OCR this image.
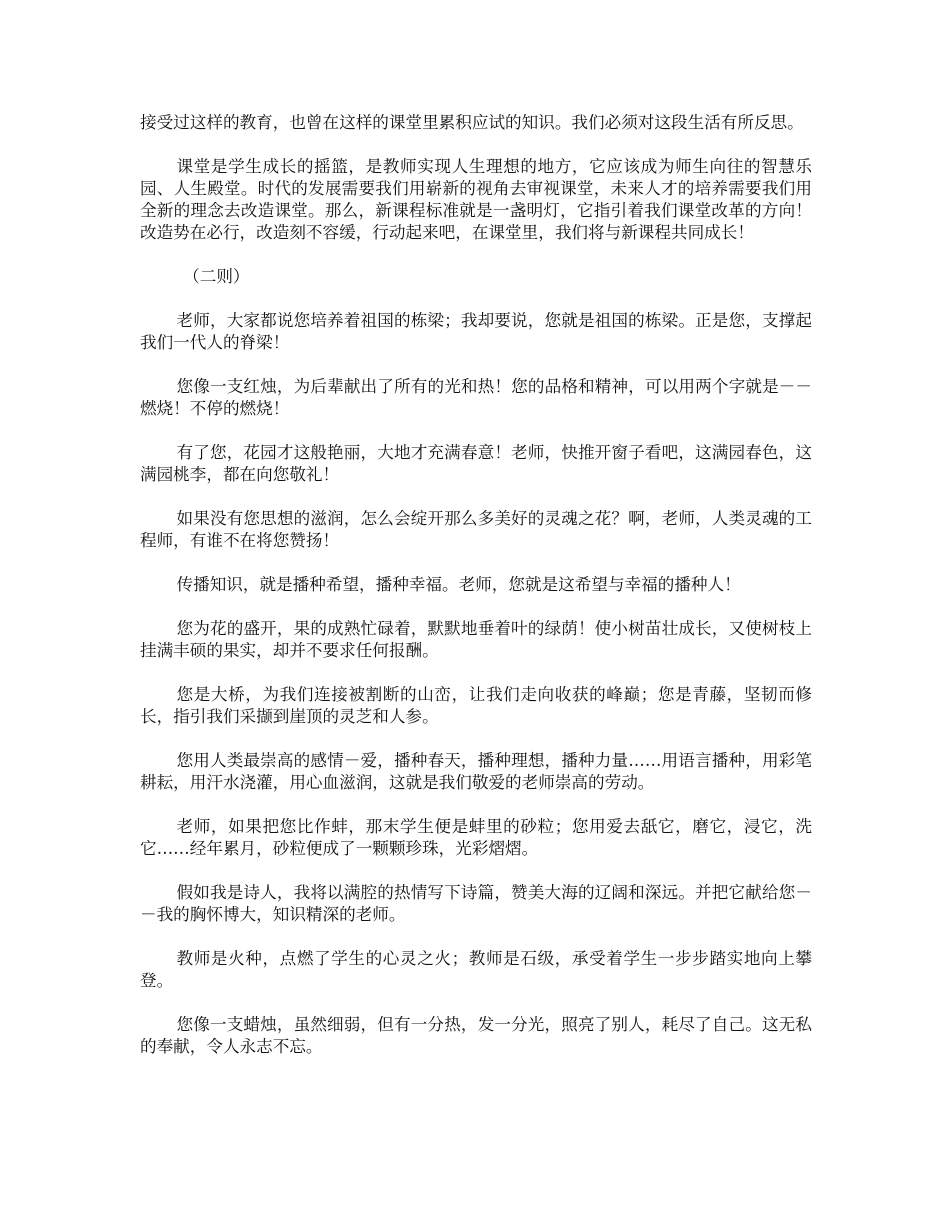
接受过这样的教育，也曾在这样的课堂里累积应试的知识。我们必须对这段生活有所反思。

课堂是学生成长的摇篮，是教师实现人生理想的地方，它应该成为师生向往的智慧乐园、人生殿堂。时代的发展需要我们用崭新的视角去审视课堂，未来人才的培养需要我们用全新的理念去改造课堂。那么，新课程标准就是一盏明灯，它指引着我们课堂改革的方向！改造势在必行，改造刻不容缓，行动起来吧，在课堂里，我们将与新课程共同成长！

（二则）

老师，大家都说您培养着祖国的栋梁；我却要说，您就是祖国的栋梁。正是您，支撑起我们一代人的脊梁！

您像一支红烛，为后辈献出了所有的光和热！您的品格和精神，可以用两个字就是－－燃烧！不停的燃烧！

有了您，花园才这般艳丽，大地才充满春意！老师，快推开窗子看吧，这满园春色，这满园桃李，都在向您敬礼！

如果没有您思想的滋润，怎么会绽开那么多美好的灵魂之花？啊，老师，人类灵魂的工程师，有谁不在将您赞扬！

传播知识，就是播种希望，播种幸福。老师，您就是这希望与幸福的播种人！

您为花的盛开，果的成熟忙碌着，默默地垂着叶的绿荫！使小树苗壮成长，又使树枝上挂满丰硕的果实，却并不要求任何报酬。

您是大桥，为我们连接被割断的山峦，让我们走向收获的峰巅；您是青藤，坚韧而修长，指引我们采撷到崖顶的灵芝和人参。

您用人类最崇高的感情－爱，播种春天，播种理想，播种力量……用语言播种，用彩笔耕耘，用汗水浇灌，用心血滋润，这就是我们敬爱的老师崇高的劳动。

老师，如果把您比作蚌，那末学生便是蚌里的砂粒；您用爱去舐它，磨它，浸它，洗它……经年累月，砂粒便成了一颗颗珍珠，光彩熠熠。

假如我是诗人，我将以满腔的热情写下诗篇，赞美大海的辽阔和深远。并把它献给您－－我的胸怀博大，知识精深的老师。

教师是火种，点燃了学生的心灵之火；教师是石级，承受着学生一步步踏实地向上攀登。

您像一支蜡烛，虽然细弱，但有一分热，发一分光，照亮了别人，耗尽了自己。这无私的奉献，令人永志不忘。
